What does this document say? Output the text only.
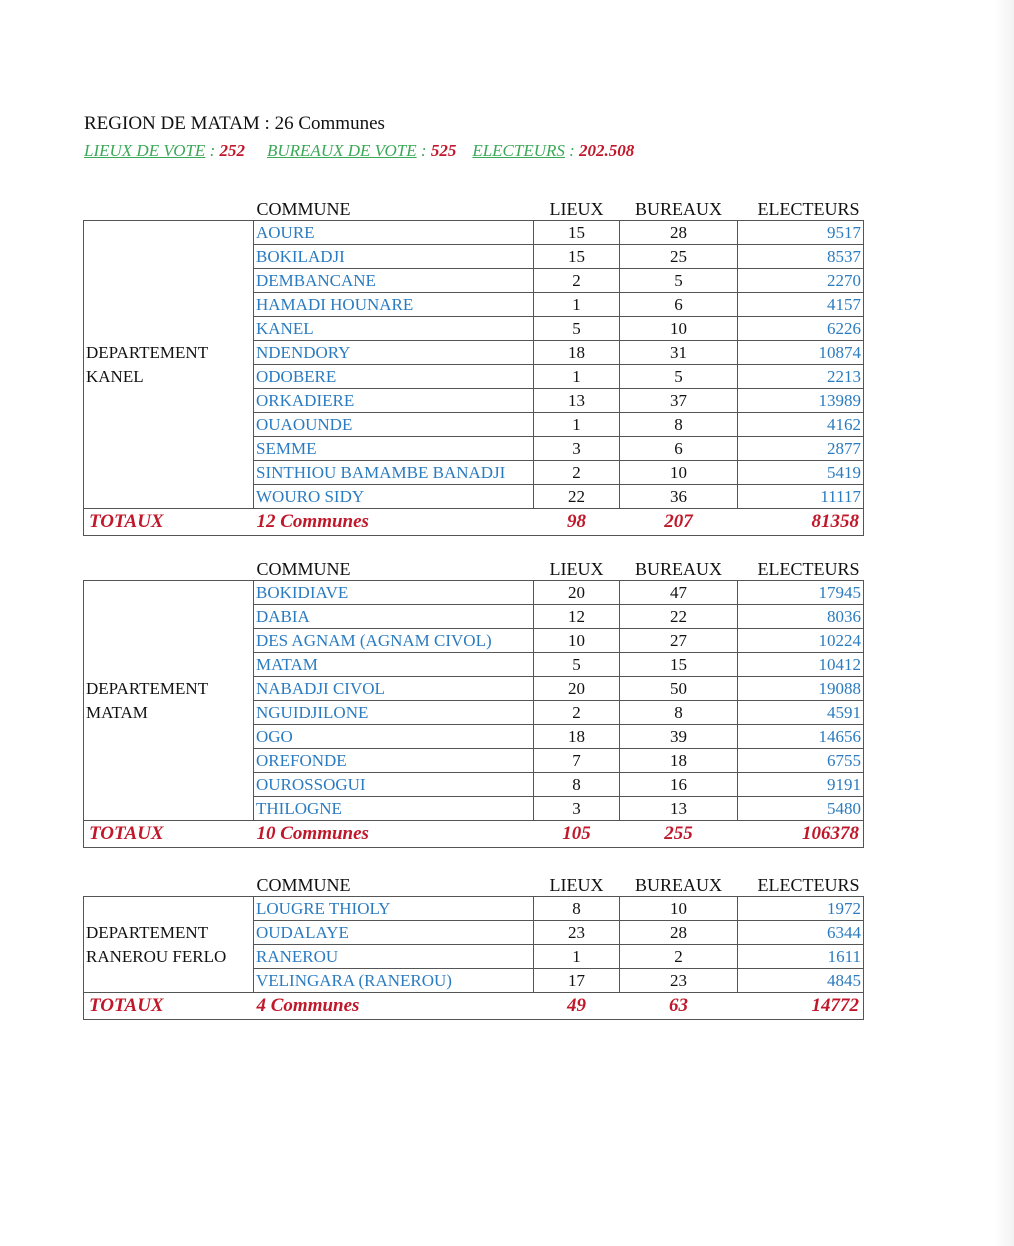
REGION DE MATAM : 26 Communes
LIEUX DE VOTE : 252 BUREAUX DE VOTE : 525 ELECTEURS : 202.508
	COMMUNE	LIEUX	BUREAUX	ELECTEURS

DEPARTEMENT
KANEL	AOURE	15	28	9517
	BOKILADJI	15	25	8537
	DEMBANCANE	2	5	2270
	HAMADI HOUNARE	1	6	4157
	KANEL	5	10	6226
	NDENDORY	18	31	10874
	ODOBERE	1	5	2213
	ORKADIERE	13	37	13989
	OUAOUNDE	1	8	4162
	SEMME	3	6	2877
	SINTHIOU BAMAMBE BANADJI	2	10	5419
	WOURO SIDY	22	36	11117
TOTAUX	12 Communes	98	207	81358
	COMMUNE	LIEUX	BUREAUX	ELECTEURS

DEPARTEMENT
MATAM	BOKIDIAVE	20	47	17945
	DABIA	12	22	8036
	DES AGNAM (AGNAM CIVOL)	10	27	10224
	MATAM	5	15	10412
	NABADJI CIVOL	20	50	19088
	NGUIDJILONE	2	8	4591
	OGO	18	39	14656
	OREFONDE	7	18	6755
	OUROSSOGUI	8	16	9191
	THILOGNE	3	13	5480
TOTAUX	10 Communes	105	255	106378
	COMMUNE	LIEUX	BUREAUX	ELECTEURS

DEPARTEMENT
RANEROU FERLO	LOUGRE THIOLY	8	10	1972
	OUDALAYE	23	28	6344
	RANEROU	1	2	1611
	VELINGARA (RANEROU)	17	23	4845
TOTAUX	4 Communes	49	63	14772
